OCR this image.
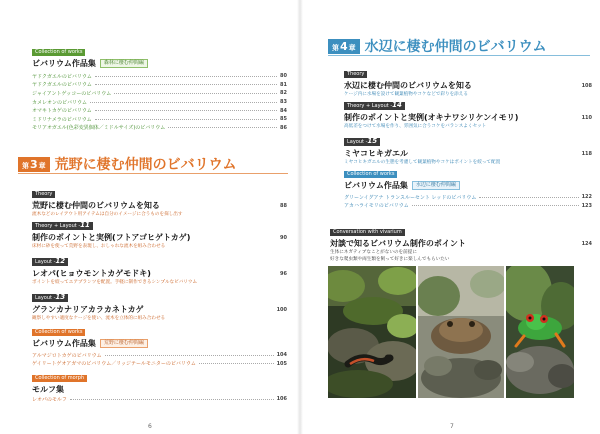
Collection of works
ビバリウム作品集	森林に棲む仲間編
ヤドクガエルのビバリウム	80
ヤドクガエルのビバリウム	81
ジャイアントゲッコーのビバリウム	82
カメレオンのビバリウム	83
オマキトカゲのビバリウム	84
ミドリナメラのビバリウム	85
モリアオガエル(色彩変異個体／ミドルサイズ)のビバリウム	86
第 3 章 荒野に棲む仲間のビバリウム
Theory
荒野に棲む仲間のビバリウムを知る	88
流木などのレイアウト用アイテムは自分のイメージに合うものを探し出す
Theory + Layout -11
制作のポイントと実例(フトアゴヒゲトカゲ)	90
床材に砂を使って荒野を表現し、おしゃれな流木を組み合わせる
Layout -12
レオパ(ヒョウモントカゲモドキ)	96
ポイントを絞ってエアプランツを配置。手軽に制作できるシンプルなビバリウム
Layout -13
グランカナリアカラカネトカゲ	100
観察しやすい適度なケージを使い、流木を立体的に組み合わせる
Collection of works
ビバリウム作品集	荒野に棲む仲間編
アルマジロトカゲのビバリウム	104
ゲイリートゲオアガマのビバリウム／リッジテールモニターのビバリウム	105
Collection of morph
モルフ集
レオパのモルフ	106
6
第 4 章 水辺に棲む仲間のビバリウム
Theory
水辺に棲む仲間のビバリウムを知る	108
ケージ内に水場を設けて観葉植物やコケなどで彩りを添える
Theory + Layout -14
制作のポイントと実例(オキナワシリケンイモリ)	110
高低差をつけて水場を作り、雰囲気に合うコケをバランスよくセット
Layout -15
ミヤコヒキガエル	118
ミヤコヒキガエルの生態を考慮して観葉植物やコケはポイントを絞って配置
Collection of works
ビバリウム作品集	水辺に棲む仲間編
グリーンイグアナ トランスルーセント レッドのビバリウム	122
アカハライモリのビバリウム	123
Conversation with vivarium
対談で知るビバリウム制作のポイント	124
生体にネガティブなことがないのを前提に
好きな爬虫類や両生類を飼って好きに楽しんでもらいたい
7
